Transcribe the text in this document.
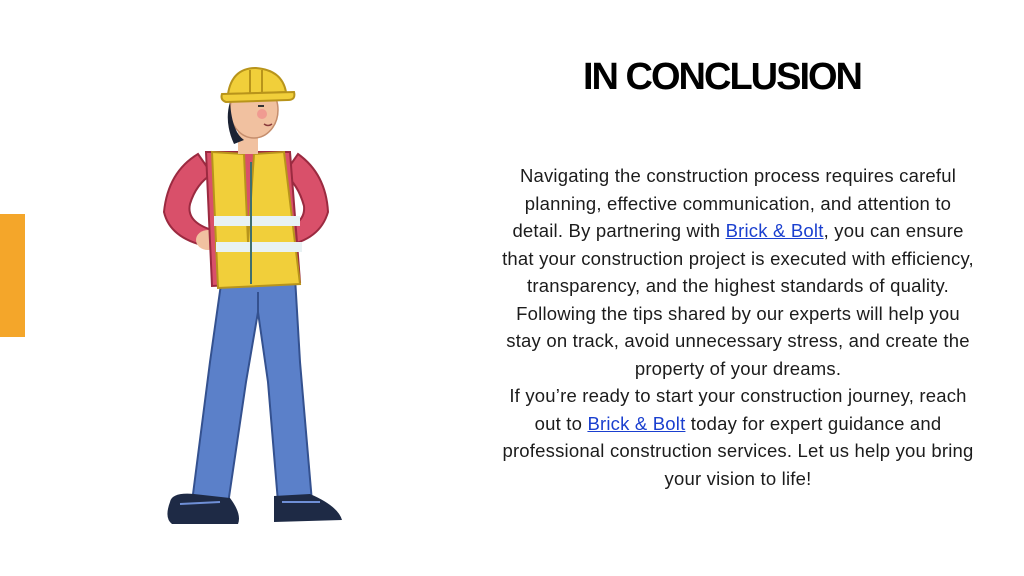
IN CONCLUSION

Navigating the construction process requires careful planning, effective communication, and attention to detail. By partnering with Brick & Bolt, you can ensure that your construction project is executed with efficiency, transparency, and the highest standards of quality. Following the tips shared by our experts will help you stay on track, avoid unnecessary stress, and create the property of your dreams.

If you’re ready to start your construction journey, reach out to Brick & Bolt today for expert guidance and professional construction services. Let us help you bring your vision to life!
